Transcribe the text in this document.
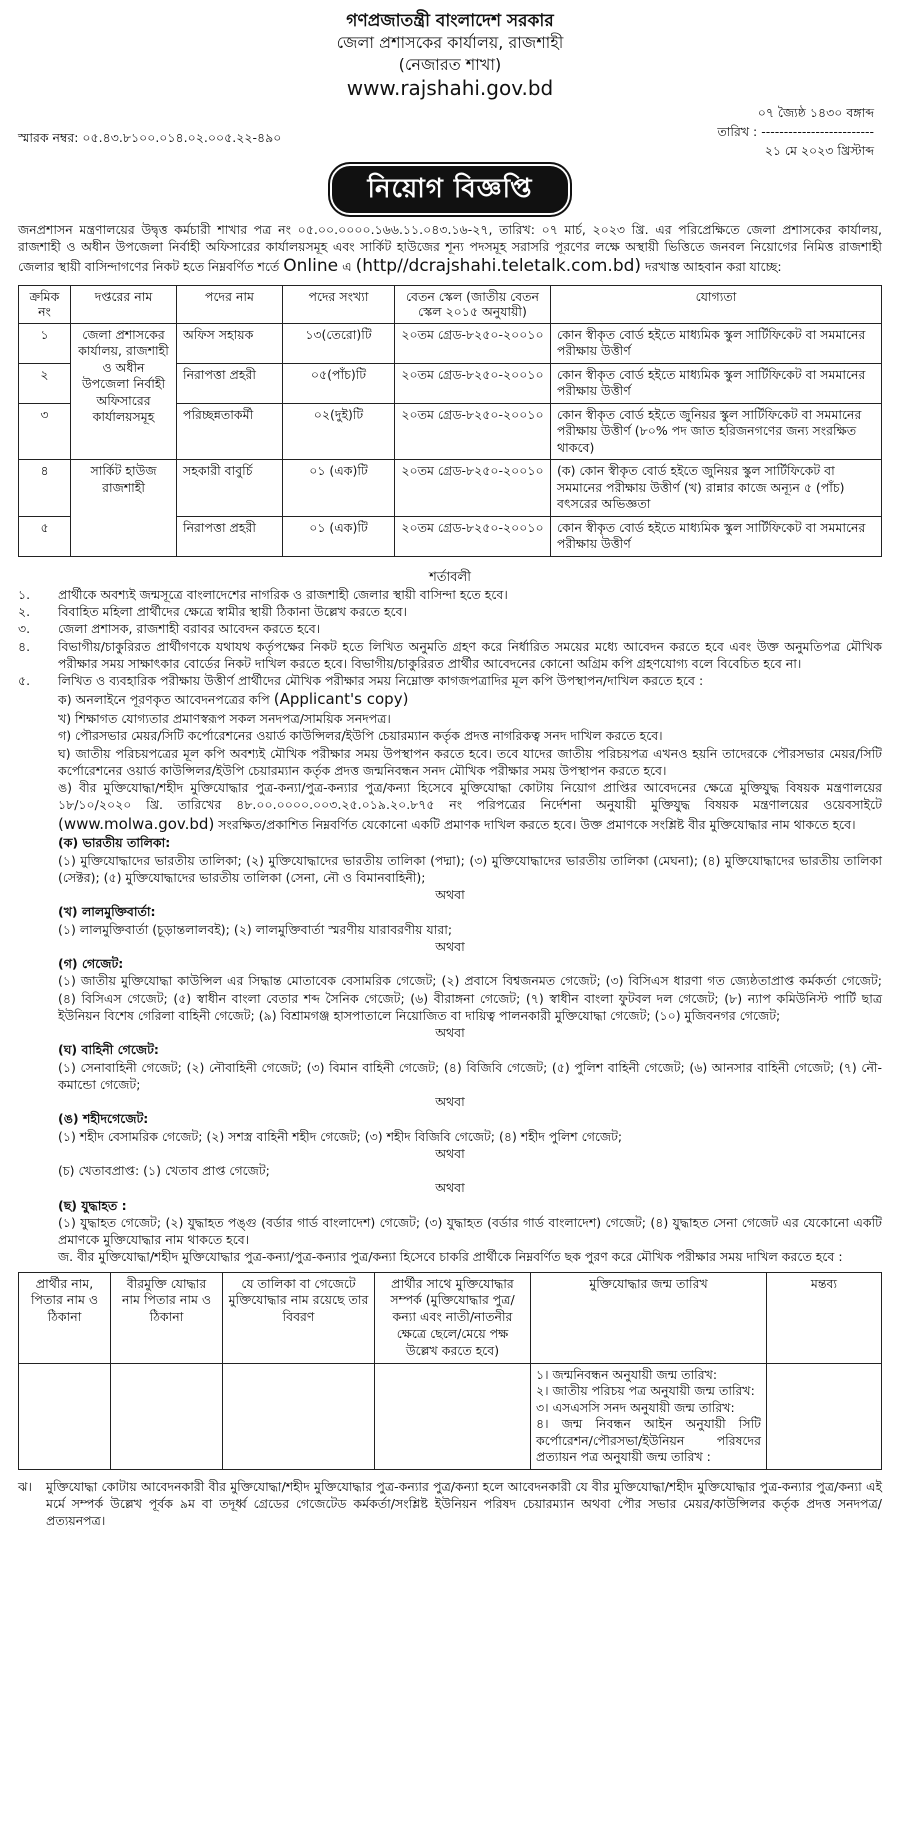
গণপ্রজাতন্ত্রী বাংলাদেশ সরকার
জেলা প্রশাসকের কার্যালয়, রাজশাহী
(নেজারত শাখা)
www.rajshahi.gov.bd
স্মারক নম্বর: ০৫.৪৩.৮১০০.০১৪.০২.০০৫.২২-৪৯০
০৭ জ্যৈষ্ঠ ১৪৩০ বঙ্গাব্দ
তারিখ : -------------------------
২১ মে ২০২৩ খ্রিস্টাব্দ
নিয়োগ বিজ্ঞপ্তি
জনপ্রশাসন মন্ত্রণালয়ের উদ্বৃত্ত কর্মচারী শাখার পত্র নং ০৫.০০.০০০০.১৬৬.১১.০৪৩.১৬-২৭, তারিখ: ০৭ মার্চ, ২০২৩ খ্রি. এর পরিপ্রেক্ষিতে জেলা প্রশাসকের কার্যালয়, রাজশাহী ও অধীন উপজেলা নির্বাহী অফিসারের কার্যালয়সমূহ এবং সার্কিট হাউজের শূন্য পদসমূহ সরাসরি পূরণের লক্ষে অস্থায়ী ভিত্তিতে জনবল নিয়োগের নিমিত্ত রাজশাহী জেলার স্থায়ী বাসিন্দাগণের নিকট হতে নিম্নবর্ণিত শর্তে Online এ (http//dcrajshahi.teletalk.com.bd) দরখাস্ত আহবান করা যাচ্ছে:
ক্রমিক নং	দপ্তরের নাম	পদের নাম	পদের সংখ্যা	বেতন স্কেল (জাতীয় বেতন স্কেল ২০১৫ অনুযায়ী)	যোগ্যতা
১	জেলা প্রশাসকের কার্যালয়, রাজশাহী ও অধীন উপজেলা নির্বাহী অফিসারের কার্যালয়সমূহ	অফিস সহায়ক	১৩(তেরো)টি	২০তম গ্রেড-৮২৫০-২০০১০	কোন স্বীকৃত বোর্ড হইতে মাধ্যমিক স্কুল সার্টিফিকেট বা সমমানের পরীক্ষায় উত্তীর্ণ
২		নিরাপত্তা প্রহরী	০৫(পাঁচ)টি	২০তম গ্রেড-৮২৫০-২০০১০	কোন স্বীকৃত বোর্ড হইতে মাধ্যমিক স্কুল সার্টিফিকেট বা সমমানের পরীক্ষায় উত্তীর্ণ
৩		পরিচ্ছন্নতাকর্মী	০২(দুই)টি	২০তম গ্রেড-৮২৫০-২০০১০	কোন স্বীকৃত বোর্ড হইতে জুনিয়র স্কুল সার্টিফিকেট বা সমমানের পরীক্ষায় উত্তীর্ণ (৮০% পদ জাত হরিজনগণের জন্য সংরক্ষিত থাকবে)
৪	সার্কিট হাউজ রাজশাহী	সহকারী বাবুর্চি	০১ (এক)টি	২০তম গ্রেড-৮২৫০-২০০১০	(ক) কোন স্বীকৃত বোর্ড হইতে জুনিয়র স্কুল সার্টিফিকেট বা সমমানের পরীক্ষায় উত্তীর্ণ (খ) রান্নার কাজে অন্যূন ৫ (পাঁচ) বৎসরের অভিজ্ঞতা
৫		নিরাপত্তা প্রহরী	০১ (এক)টি	২০তম গ্রেড-৮২৫০-২০০১০	কোন স্বীকৃত বোর্ড হইতে মাধ্যমিক স্কুল সার্টিফিকেট বা সমমানের পরীক্ষায় উত্তীর্ণ
শর্তাবলী
১.	প্রার্থীকে অবশ্যই জন্মসূত্রে বাংলাদেশের নাগরিক ও রাজশাহী জেলার স্থায়ী বাসিন্দা হতে হবে।
২.	বিবাহিত মহিলা প্রার্থীদের ক্ষেত্রে স্বামীর স্থায়ী ঠিকানা উল্লেখ করতে হবে।
৩.	জেলা প্রশাসক, রাজশাহী বরাবর আবেদন করতে হবে।
৪.	বিভাগীয়/চাকুরিরত প্রার্থীগণকে যথাযথ কর্তৃপক্ষের নিকট হতে লিখিত অনুমতি গ্রহণ করে নির্ধারিত সময়ের মধ্যে আবেদন করতে হবে এবং উক্ত অনুমতিপত্র মৌখিক পরীক্ষার সময় সাক্ষাৎকার বোর্ডের নিকট দাখিল করতে হবে। বিভাগীয়/চাকুরিরত প্রার্থীর আবেদনের কোনো অগ্রিম কপি গ্রহণযোগ্য বলে বিবেচিত হবে না।
৫.	লিখিত ও ব্যবহারিক পরীক্ষায় উত্তীর্ণ প্রার্থীদের মৌখিক পরীক্ষার সময় নিম্নোক্ত কাগজপত্রাদির মূল কপি উপস্থাপন/দাখিল করতে হবে :
ক) অনলাইনে পূরণকৃত আবেদনপত্রের কপি (Applicant's copy)
খ) শিক্ষাগত যোগ্যতার প্রমাণস্বরূপ সকল সনদপত্র/সাময়িক সনদপত্র।
গ) পৌরসভার মেয়র/সিটি কর্পোরেশনের ওয়ার্ড কাউন্সিলর/ইউপি চেয়ারম্যান কর্তৃক প্রদত্ত নাগরিকত্ব সনদ দাখিল করতে হবে।
ঘ) জাতীয় পরিচয়পত্রের মূল কপি অবশ্যই মৌখিক পরীক্ষার সময় উপস্থাপন করতে হবে। তবে যাদের জাতীয় পরিচয়পত্র এখনও হয়নি তাদেরকে পৌরসভার মেয়র/সিটি কর্পোরেশনের ওয়ার্ড কাউন্সিলর/ইউপি চেয়ারম্যান কর্তৃক প্রদত্ত জন্মনিবন্ধন সনদ মৌখিক পরীক্ষার সময় উপস্থাপন করতে হবে।
ঙ) বীর মুক্তিযোদ্ধা/শহীদ মুক্তিযোদ্ধার পুত্র-কন্যা/পুত্র-কন্যার পুত্র/কন্যা হিসেবে মুক্তিযোদ্ধা কোটায় নিয়োগ প্রাপ্তির আবেদনের ক্ষেত্রে মুক্তিযুদ্ধ বিষয়ক মন্ত্রণালয়ের ১৮/১০/২০২০ খ্রি. তারিখের ৪৮.০০.০০০০.০০৩.২৫.০১৯.২০.৮৭৫ নং পরিপত্রের নির্দেশনা অনুযায়ী মুক্তিযুদ্ধ বিষয়ক মন্ত্রণালয়ের ওয়েবসাইটে (www.molwa.gov.bd) সংরক্ষিত/প্রকাশিত নিম্নবর্ণিত যেকোনো একটি প্রমাণক দাখিল করতে হবে। উক্ত প্রমাণকে সংশ্লিষ্ট বীর মুক্তিযোদ্ধার নাম থাকতে হবে।
(ক) ভারতীয় তালিকা:
(১) মুক্তিযোদ্ধাদের ভারতীয় তালিকা; (২) মুক্তিযোদ্ধাদের ভারতীয় তালিকা (পদ্মা); (৩) মুক্তিযোদ্ধাদের ভারতীয় তালিকা (মেঘনা); (৪) মুক্তিযোদ্ধাদের ভারতীয় তালিকা (সেক্টর); (৫) মুক্তিযোদ্ধাদের ভারতীয় তালিকা (সেনা, নৌ ও বিমানবাহিনী);
অথবা
(খ) লালমুক্তিবার্তা:
(১) লালমুক্তিবার্তা (চূড়ান্তলালবই); (২) লালমুক্তিবার্তা স্মরণীয় যারাবরণীয় যারা;
অথবা
(গ) গেজেট:
(১) জাতীয় মুক্তিযোদ্ধা কাউন্সিল এর সিদ্ধান্ত মোতাবেক বেসামরিক গেজেট; (২) প্রবাসে বিশ্বজনমত গেজেট; (৩) বিসিএস ধারণা গত জ্যেষ্ঠতাপ্রাপ্ত কর্মকর্তা গেজেট; (৪) বিসিএস গেজেট; (৫) স্বাধীন বাংলা বেতার শব্দ সৈনিক গেজেট; (৬) বীরাঙ্গনা গেজেট; (৭) স্বাধীন বাংলা ফুটবল দল গেজেট; (৮) ন্যাপ কমিউনিস্ট পার্টি ছাত্র ইউনিয়ন বিশেষ গেরিলা বাহিনী গেজেট; (৯) বিশ্রামগঞ্জ হাসপাতালে নিয়োজিত বা দায়িত্ব পালনকারী মুক্তিযোদ্ধা গেজেট; (১০) মুজিবনগর গেজেট;
অথবা
(ঘ) বাহিনী গেজেট:
(১) সেনাবাহিনী গেজেট; (২) নৌবাহিনী গেজেট; (৩) বিমান বাহিনী গেজেট; (৪) বিজিবি গেজেট; (৫) পুলিশ বাহিনী গেজেট; (৬) আনসার বাহিনী গেজেট; (৭) নৌ-কমান্ডো গেজেট;
অথবা
(ঙ) শহীদগেজেট:
(১) শহীদ বেসামরিক গেজেট; (২) সশস্ত্র বাহিনী শহীদ গেজেট; (৩) শহীদ বিজিবি গেজেট; (৪) শহীদ পুলিশ গেজেট;
অথবা
(চ) খেতাবপ্রাপ্ত: (১) খেতাব প্রাপ্ত গেজেট;
অথবা
(ছ) যুদ্ধাহত :
(১) যুদ্ধাহত গেজেট; (২) যুদ্ধাহত পঙ্গু (বর্ডার গার্ড বাংলাদেশ) গেজেট; (৩) যুদ্ধাহত (বর্ডার গার্ড বাংলাদেশ) গেজেট; (৪) যুদ্ধাহত সেনা গেজেট এর যেকোনো একটি প্রমাণকে মুক্তিযোদ্ধার নাম থাকতে হবে।
জ. বীর মুক্তিযোদ্ধা/শহীদ মুক্তিযোদ্ধার পুত্র-কন্যা/পুত্র-কন্যার পুত্র/কন্যা হিসেবে চাকরি প্রার্থীকে নিম্নবর্ণিত ছক পুরণ করে মৌখিক পরীক্ষার সময় দাখিল করতে হবে :
প্রার্থীর নাম, পিতার নাম ও ঠিকানা	বীরমুক্তি যোদ্ধার নাম পিতার নাম ও ঠিকানা	যে তালিকা বা গেজেটে মুক্তিযোদ্ধার নাম রয়েছে তার বিবরণ	প্রার্থীর সাথে মুক্তিযোদ্ধার সম্পর্ক (মুক্তিযোদ্ধার পুত্র/কন্যা এবং নাতী/নাতনীর ক্ষেত্রে ছেলে/মেয়ে পক্ষ উল্লেখ করতে হবে)	মুক্তিযোদ্ধার জন্ম তারিখ	মন্তব্য

				১। জন্মনিবন্ধন অনুযায়ী জন্ম তারিখ:
২। জাতীয় পরিচয় পত্র অনুযায়ী জন্ম তারিখ:
৩। এসএসসি সনদ অনুযায়ী জন্ম তারিখ:
৪। জন্ম নিবন্ধন আইন অনুযায়ী সিটি কর্পোরেশন/পৌরসভা/ইউনিয়ন পরিষদের প্রত্যায়ন পত্র অনুযায়ী জন্ম তারিখ :	

ঝ।	মুক্তিযোদ্ধা কোটায় আবেদনকারী বীর মুক্তিযোদ্ধা/শহীদ মুক্তিযোদ্ধার পুত্র-কন্যার পুত্র/কন্যা হলে আবেদনকারী যে বীর মুক্তিযোদ্ধা/শহীদ মুক্তিযোদ্ধার পুত্র-কন্যার পুত্র/কন্যা এই মর্মে সম্পর্ক উল্লেখ পূর্বক ৯ম বা তদূর্ধ্ব গ্রেডের গেজেটেড কর্মকর্তা/সংশ্লিষ্ট ইউনিয়ন পরিষদ চেয়ারম্যান অথবা পৌর সভার মেয়র/কাউন্সিলর কর্তৃক প্রদত্ত সনদপত্র/ প্রত্যয়নপত্র।
